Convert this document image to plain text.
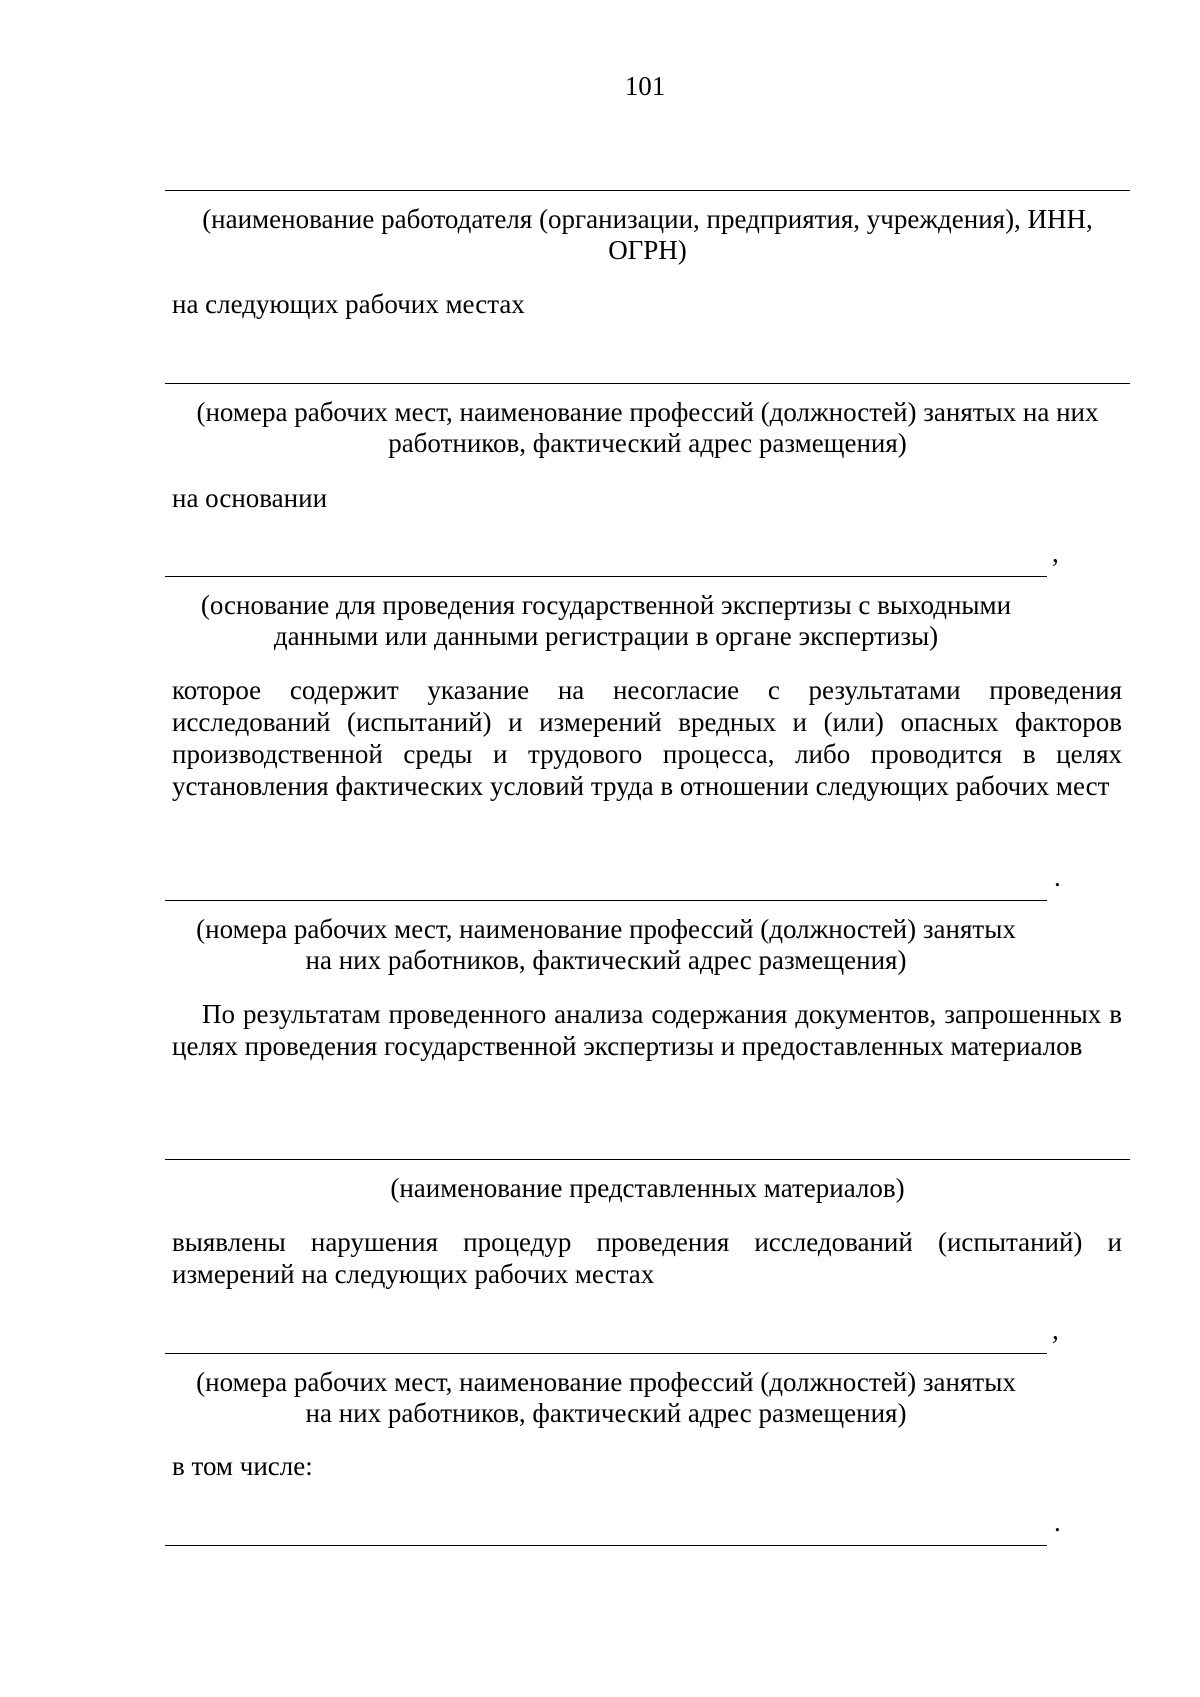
101

(наименование работодателя (организации, предприятия, учреждения), ИНН, ОГРН)

на следующих рабочих местах

(номера рабочих мест, наименование профессий (должностей) занятых на них работников, фактический адрес размещения)

на основании

,

(основание для проведения государственной экспертизы с выходными

данными или данными регистрации в органе экспертизы)

которое содержит указание на несогласие с результатами проведения исследований (испытаний) и измерений вредных и (или) опасных факторов производственной среды и трудового процесса, либо проводится в целях установления фактических условий труда в отношении следующих рабочих мест

.

(номера рабочих мест, наименование профессий (должностей) занятых

на них работников, фактический адрес размещения)

По результатам проведенного анализа содержания документов, запрошенных в целях проведения государственной экспертизы и предоставленных материалов

(наименование представленных материалов)

выявлены нарушения процедур проведения исследований (испытаний) и измерений на следующих рабочих местах

,

(номера рабочих мест, наименование профессий (должностей) занятых

на них работников, фактический адрес размещения)

в том числе:

.
